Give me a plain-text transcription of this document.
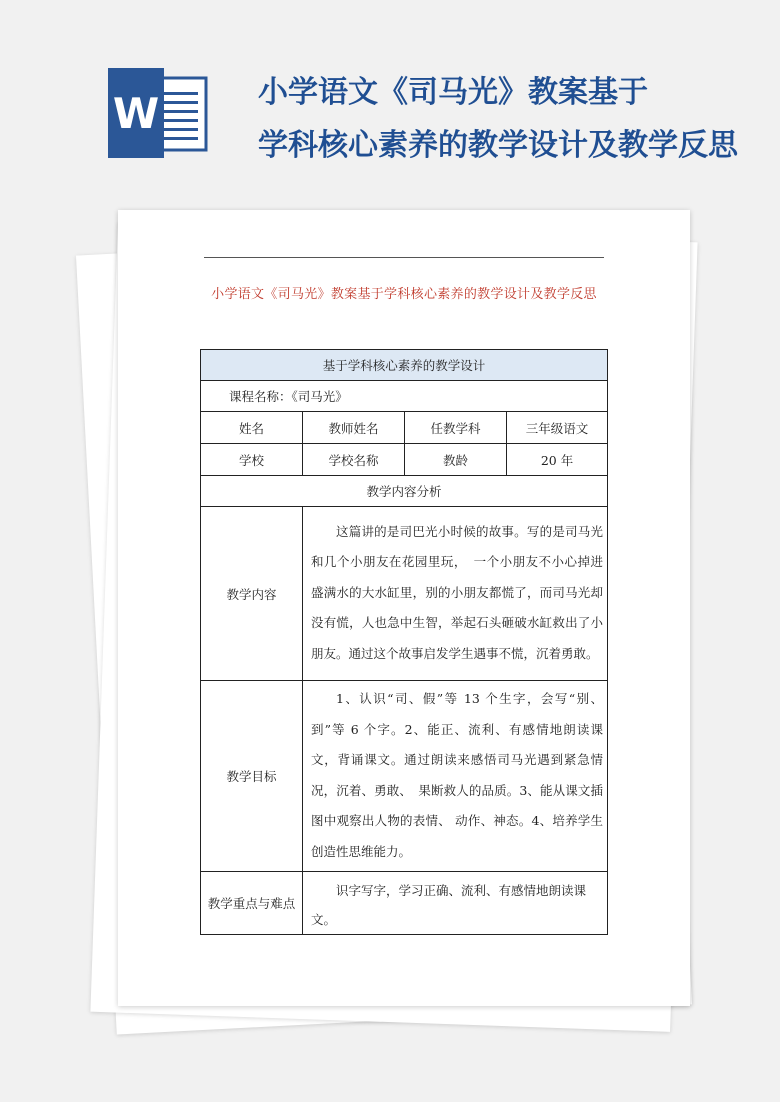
W	小学语文《司马光》教案基于
学科核心素养的教学设计及教学反思
小学语文《司马光》教案基于学科核心素养的教学设计及教学反思
基于学科核心素养的教学设计			
课程名称：《司马光》			
姓名	教师姓名	任教学科	三年级语文
学校	学校名称	教龄	20 年
教学内容分析			
教学内容	这篇讲的是司巴光小时候的故事。写的是司马光和几个小朋友在花园里玩，　一个小朋友不小心掉进盛满水的大水缸里，别的小朋友都慌了，而司马光却没有慌，人也急中生智，举起石头砸破水缸救出了小朋友。通过这个故事启发学生遇事不慌，沉着勇敢。		
教学目标	1、认识“司、假”等 13 个生字，会写“别、到”等 6 个字。2、能正、流利、有感情地朗读课文，背诵课文。通过朗读来感悟司马光遇到紧急情况，沉着、勇敢、　果断救人的品质。3、能从课文插图中观察出人物的表情、 动作、神态。4、培养学生创造性思维能力。		
教学重点与难点	识字写字，学习正确、流利、有感情地朗读课文。		
